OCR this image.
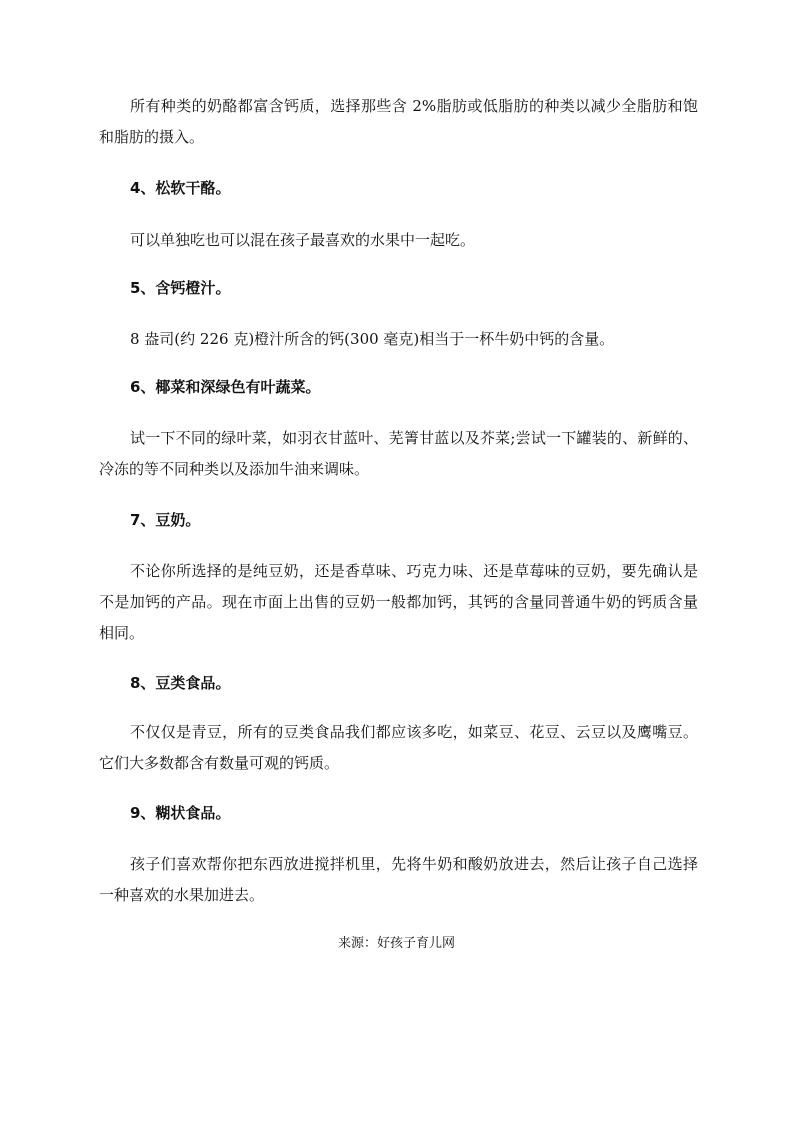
所有种类的奶酪都富含钙质，选择那些含 2%脂肪或低脂肪的种类以减少全脂肪和饱和脂肪的摄入。

4、松软干酪。

可以单独吃也可以混在孩子最喜欢的水果中一起吃。

5、含钙橙汁。

8 盎司(约 226 克)橙汁所含的钙(300 毫克)相当于一杯牛奶中钙的含量。

6、椰菜和深绿色有叶蔬菜。

试一下不同的绿叶菜，如羽衣甘蓝叶、芜箐甘蓝以及芥菜;尝试一下罐装的、新鲜的、冷冻的等不同种类以及添加牛油来调味。

7、豆奶。

不论你所选择的是纯豆奶，还是香草味、巧克力味、还是草莓味的豆奶，要先确认是不是加钙的产品。现在市面上出售的豆奶一般都加钙，其钙的含量同普通牛奶的钙质含量相同。

8、豆类食品。

不仅仅是青豆，所有的豆类食品我们都应该多吃，如菜豆、花豆、云豆以及鹰嘴豆。它们大多数都含有数量可观的钙质。

9、糊状食品。

孩子们喜欢帮你把东西放进搅拌机里，先将牛奶和酸奶放进去，然后让孩子自己选择一种喜欢的水果加进去。

来源：好孩子育儿网
